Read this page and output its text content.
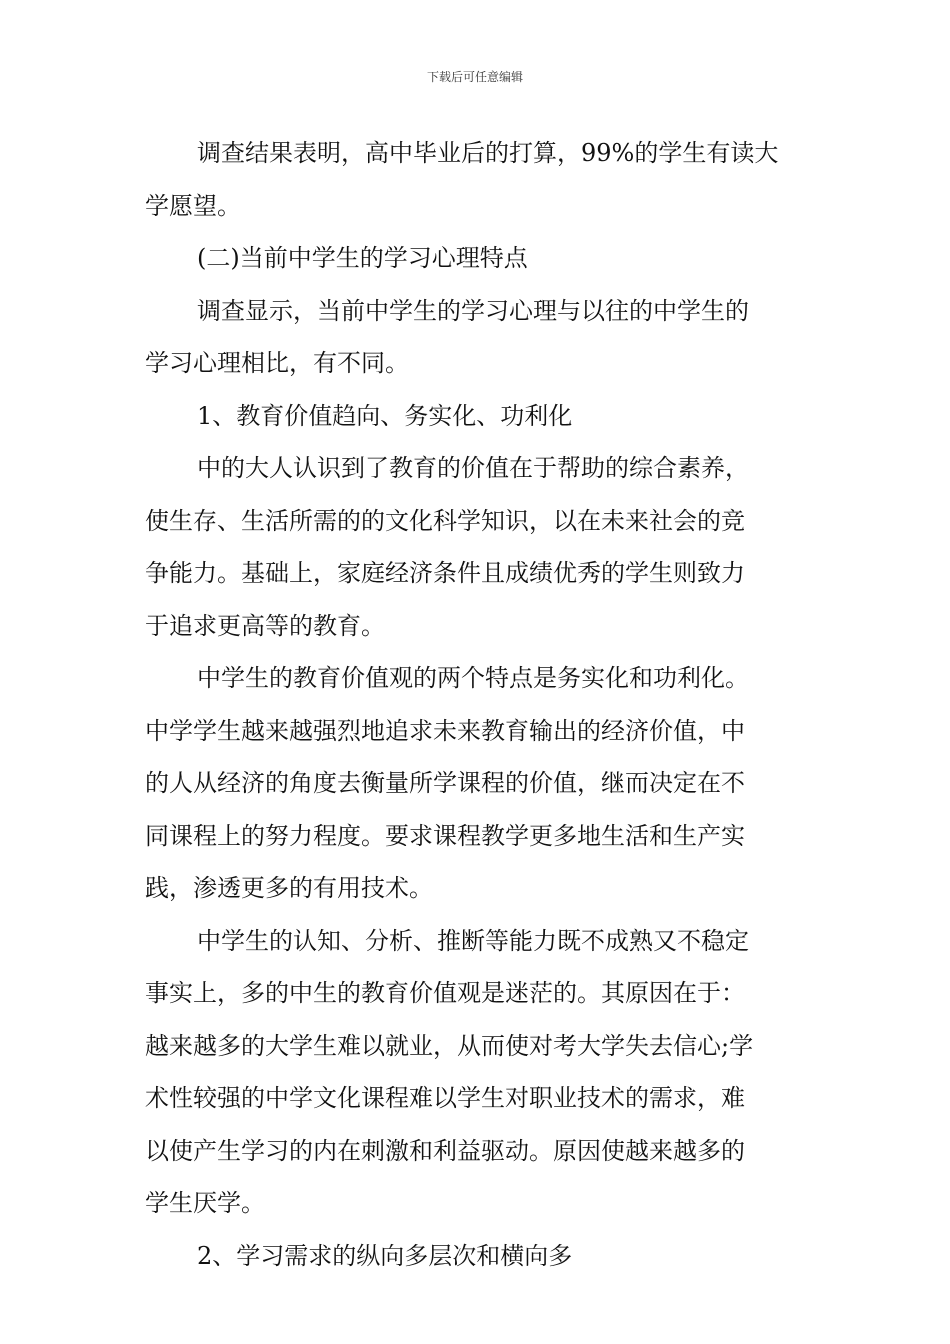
下载后可任意编辑

调查结果表明，高中毕业后的打算，99%的学生有读大

学愿望。

(二)当前中学生的学习心理特点

调查显示，当前中学生的学习心理与以往的中学生的

学习心理相比，有不同。

1、教育价值趋向、务实化、功利化

中的大人认识到了教育的价值在于帮助的综合素养，

使生存、生活所需的的文化科学知识，以在未来社会的竞

争能力。基础上，家庭经济条件且成绩优秀的学生则致力

于追求更高等的教育。

中学生的教育价值观的两个特点是务实化和功利化。

中学学生越来越强烈地追求未来教育输出的经济价值，中

的人从经济的角度去衡量所学课程的价值，继而决定在不

同课程上的努力程度。要求课程教学更多地生活和生产实

践，渗透更多的有用技术。

中学生的认知、分析、推断等能力既不成熟又不稳定

事实上，多的中生的教育价值观是迷茫的。其原因在于：

越来越多的大学生难以就业，从而使对考大学失去信心;学

术性较强的中学文化课程难以学生对职业技术的需求，难

以使产生学习的内在刺激和利益驱动。原因使越来越多的

学生厌学。

2、学习需求的纵向多层次和横向多
